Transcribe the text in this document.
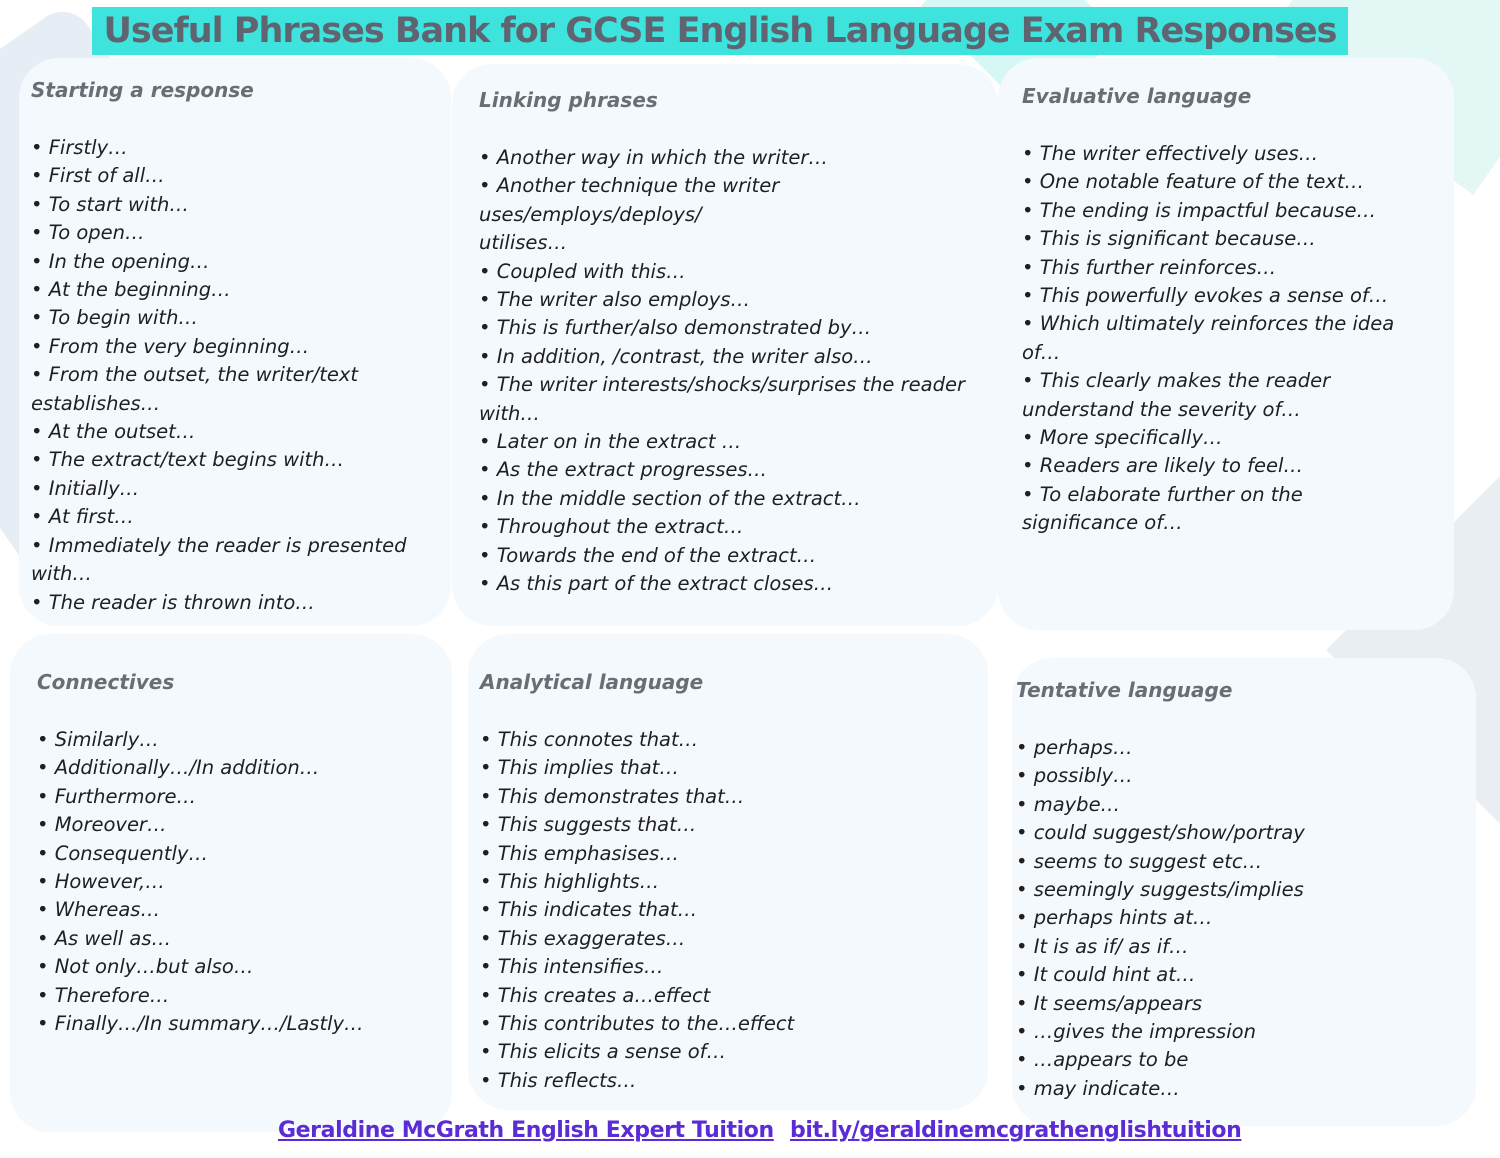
Useful Phrases Bank for GCSE English Language Exam Responses
Starting a response
• Firstly…
• First of all…
• To start with…
• To open…
• In the opening…
• At the beginning…
• To begin with…
• From the very beginning…
• From the outset, the writer/text
establishes…
• At the outset…
• The extract/text begins with…
• Initially…
• At first…
• Immediately the reader is presented
with…
• The reader is thrown into…
Linking phrases
• Another way in which the writer…
• Another technique the writer
uses/employs/deploys/
utilises…
• Coupled with this…
• The writer also employs…
• This is further/also demonstrated by…
• In addition, /contrast, the writer also…
• The writer interests/shocks/surprises the reader
with…
• Later on in the extract …
• As the extract progresses…
• In the middle section of the extract…
• Throughout the extract…
• Towards the end of the extract…
• As this part of the extract closes…
Evaluative language
• The writer effectively uses…
• One notable feature of the text…
• The ending is impactful because…
• This is significant because…
• This further reinforces…
• This powerfully evokes a sense of…
• Which ultimately reinforces the idea
of…
• This clearly makes the reader
understand the severity of…
• More specifically…
• Readers are likely to feel…
• To elaborate further on the
significance of…
Connectives
• Similarly…
• Additionally…/In addition…
• Furthermore…
• Moreover…
• Consequently…
• However,…
• Whereas…
• As well as…
• Not only…but also…
• Therefore…
• Finally…/In summary…/Lastly…
Analytical language
• This connotes that…
• This implies that…
• This demonstrates that…
• This suggests that…
• This emphasises…
• This highlights…
• This indicates that…
• This exaggerates…
• This intensifies…
• This creates a…effect
• This contributes to the…effect
• This elicits a sense of…
• This reflects…
Tentative language
• perhaps…
• possibly…
• maybe…
• could suggest/show/portray
• seems to suggest etc…
• seemingly suggests/implies
• perhaps hints at…
• It is as if/ as if…
• It could hint at…
• It seems/appears
• …gives the impression
• …appears to be
• may indicate…
Geraldine McGrath English Expert Tuition bit.ly/geraldinemcgrathenglishtuition
